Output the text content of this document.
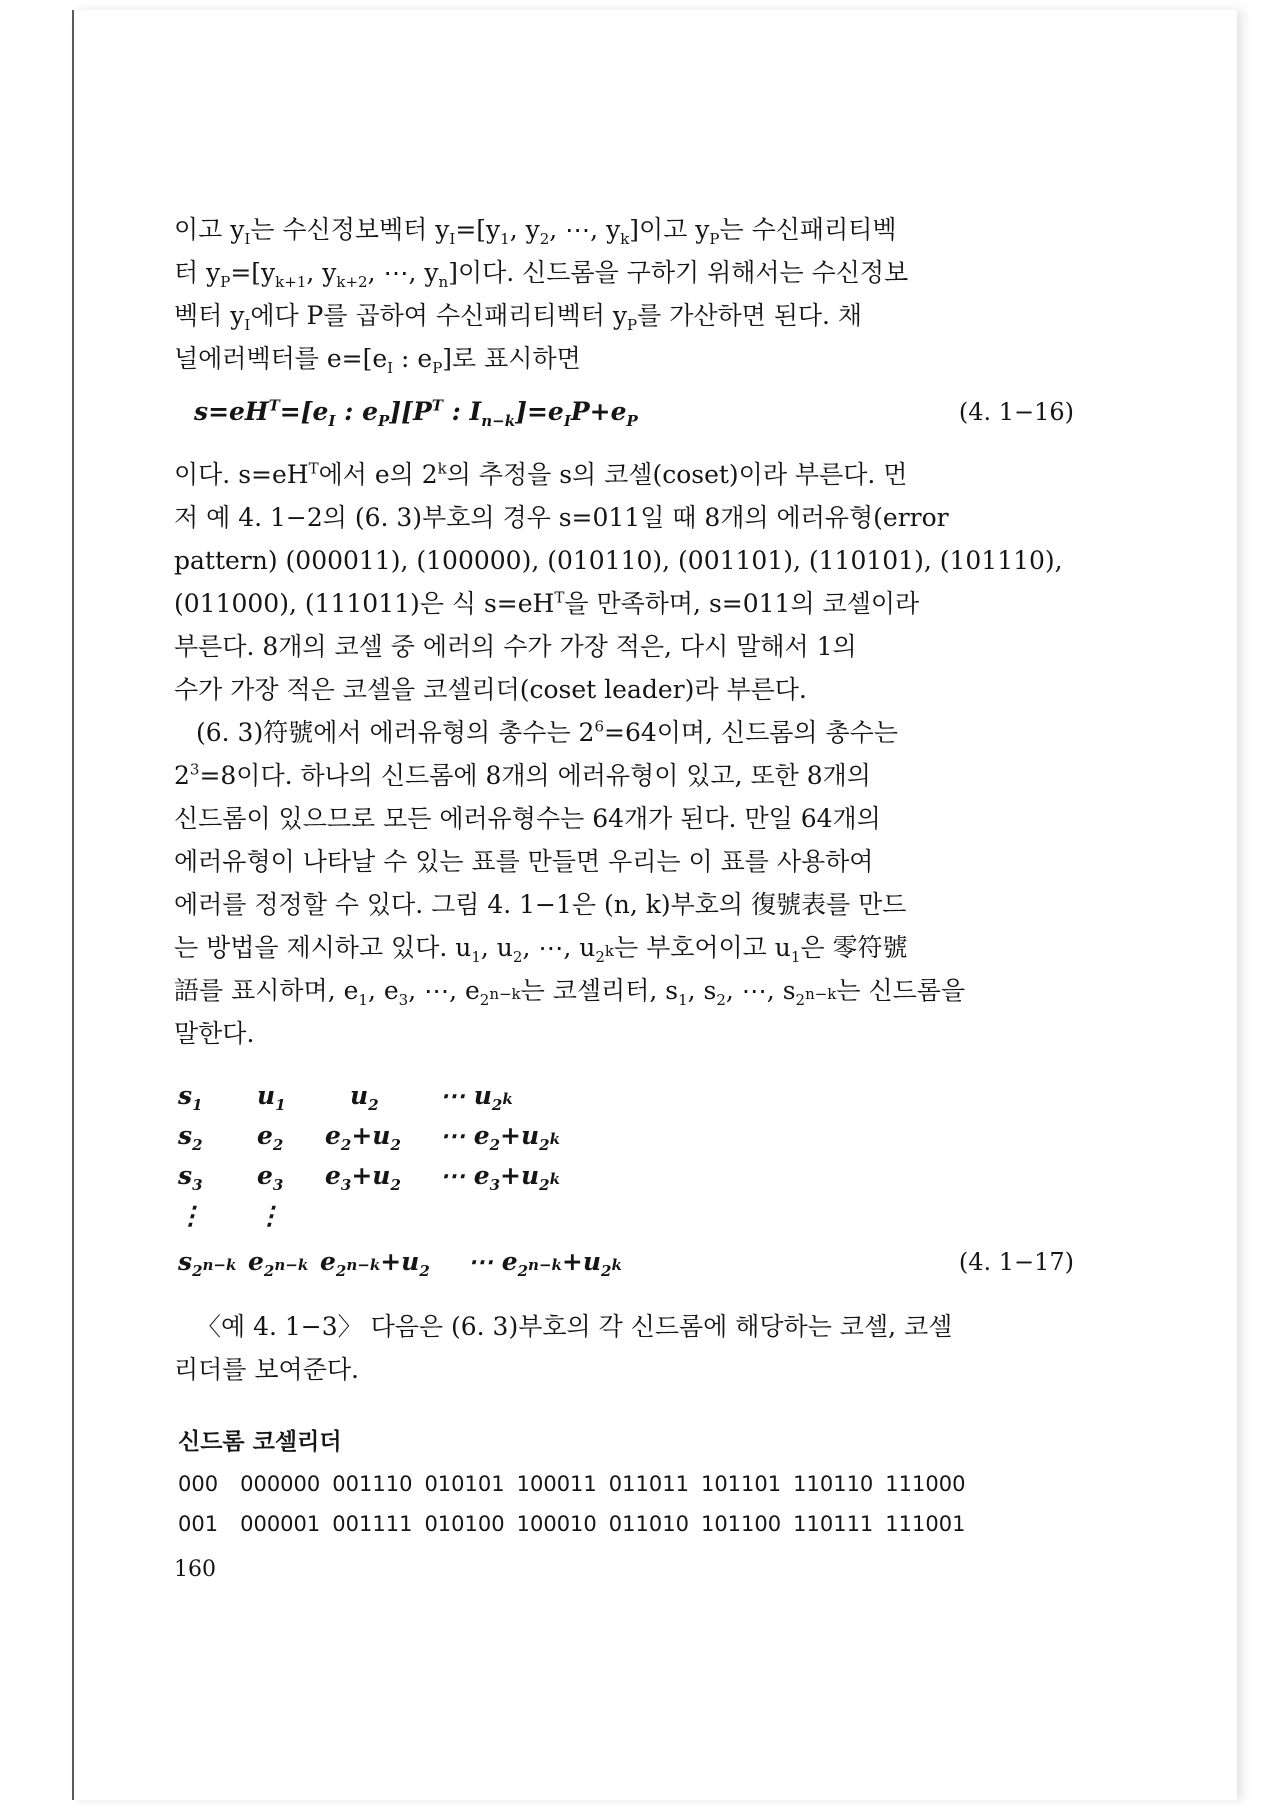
이고 $y_I$는 수신정보벡터 $y_I=[y_1$, $y_2$, ⋯, $y_k$]이고 $y_P$는 수신패리티벡
터 $y_P=[y_{k+1}$, $y_{k+2}$, ⋯, $y_n$]이다. 신드롬을 구하기 위해서는 수신정보
벡터 $y_I$에다 P를 곱하여 수신패리티벡터 $y_P$를 가산하면 된다. 채
널에러벡터를 $e=[e_I$ : $e_P$]로 표시하면
$s=eH^T=[e_I$ : $e_P][P^T$ : $I_{n-k}]=e_IP+e_P$	(4. 1−16)
이다. $s=eH^T$에서 e의 2$^k$의 추정을 s의 코셀(coset)이라 부른다. 먼
저 예 4. 1−2의 (6. 3)부호의 경우 s=011일 때 8개의 에러유형(error
pattern) (000011), (100000), (010110), (001101), (110101), (101110),
(011000), (111011)은 식 $s=eH^T$을 만족하며, s=011의 코셀이라
부른다. 8개의 코셀 중 에러의 수가 가장 적은, 다시 말해서 1의
수가 가장 적은 코셀을 코셀리더(coset leader)라 부른다.
(6. 3)符號에서 에러유형의 총수는 $2^6=64$이며, 신드롬의 총수는
$2^3=8$이다. 하나의 신드롬에 8개의 에러유형이 있고, 또한 8개의
신드롬이 있으므로 모든 에러유형수는 64개가 된다. 만일 64개의
에러유형이 나타날 수 있는 표를 만들면 우리는 이 표를 사용하여
에러를 정정할 수 있다. 그림 4. 1−1은 (n, k)부호의 復號表를 만드
는 방법을 제시하고 있다. $u_1$, $u_2$, ⋯, $u_{2^k}$는 부호어이고 $u_1$은 零符號
語를 표시하며, $e_1$, $e_3$, ⋯, $e_{2^{n-k}}$는 코셀리터, $s_1$, $s_2$, ⋯, $s_{2^{n-k}}$는 신드롬을
말한다.
$s_1$ $u_1$	$u_2$ ⋯ $u_{2^k}$
$s_2$ $e_2$ $e_2+u_2$ ⋯ $e_2+u_{2^k}$
$s_3$ $e_3$ $e_3+u_2$ ⋯ $e_3+u_{2^k}$
⋮ ⋮
$s_{2^{n-k}}$ $e_{2^{n-k}}$ $e_{2^{n-k}}+u_2$ ⋯ $e_{2^{n-k}}+u_{2^k}$	(4. 1−17)
〈예 4. 1−3〉 다음은 (6. 3)부호의 각 신드롬에 해당하는 코셀, 코셀
리더를 보여준다.
신드롬 코셀리더
000 000000 001110 010101 100011 011011 101101 110110 111000
001 000001 001111 010100 100010 011010 101100 110111 111001
160
